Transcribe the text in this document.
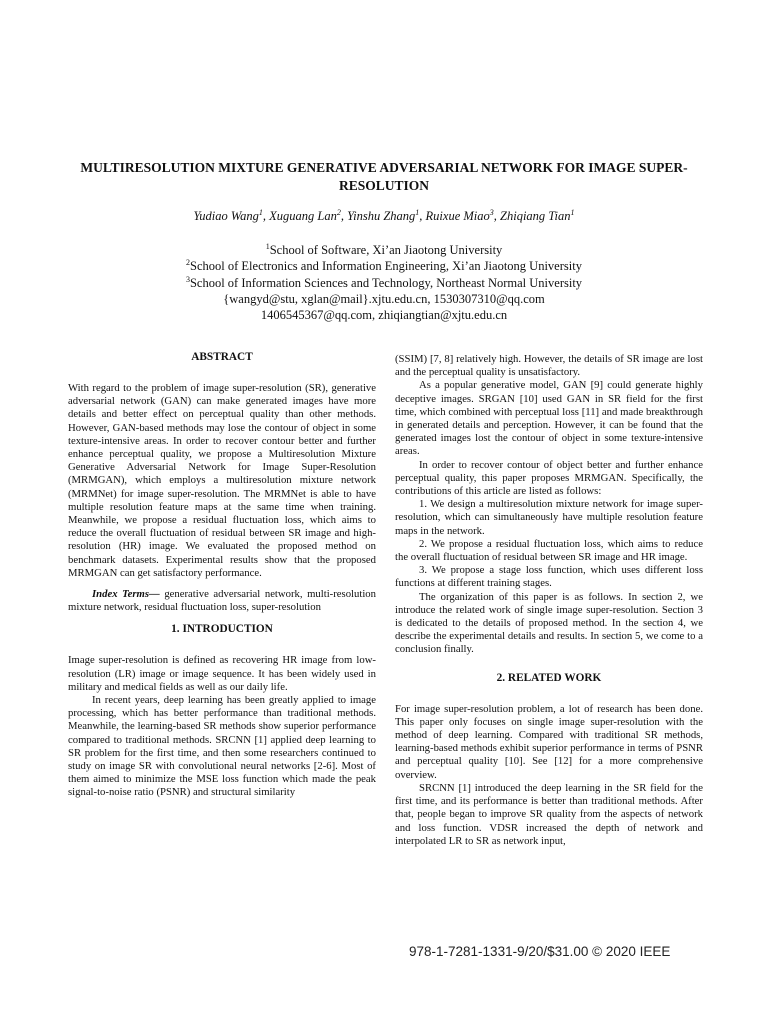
MULTIRESOLUTION MIXTURE GENERATIVE ADVERSARIAL NETWORK FOR IMAGE SUPER-RESOLUTION
Yudiao Wang$^1$, Xuguang Lan$^2$, Yinshu Zhang$^1$, Ruixue Miao$^3$, Zhiqiang Tian$^1$
$^1$School of Software, Xi’an Jiaotong University
$^2$School of Electronics and Information Engineering, Xi’an Jiaotong University
$^3$School of Information Sciences and Technology, Northeast Normal University
{wangyd@stu, xglan@mail}.xjtu.edu.cn, 1530307310@qq.com
1406545367@qq.com, zhiqiangtian@xjtu.edu.cn
ABSTRACT

With regard to the problem of image super-resolution (SR), generative adversarial network (GAN) can make generated images have more details and better effect on perceptual quality than other methods. However, GAN-based methods may lose the contour of object in some texture-intensive areas. In order to recover contour better and further enhance perceptual quality, we propose a Multiresolution Mixture Generative Adversarial Network for Image Super-Resolution (MRMGAN), which employs a multiresolution mixture network (MRMNet) for image super-resolution. The MRMNet is able to have multiple resolution feature maps at the same time when training. Meanwhile, we propose a residual fluctuation loss, which aims to reduce the overall fluctuation of residual between SR image and high-resolution (HR) image. We evaluated the proposed method on benchmark datasets. Experimental results show that the proposed MRMGAN can get satisfactory performance.

Index Terms— generative adversarial network, multi-resolution mixture network, residual fluctuation loss, super-resolution

1. INTRODUCTION

Image super-resolution is defined as recovering HR image from low-resolution (LR) image or image sequence. It has been widely used in military and medical fields as well as our daily life.

In recent years, deep learning has been greatly applied to image processing, which has better performance than traditional methods. Meanwhile, the learning-based SR methods show superior performance compared to traditional methods. SRCNN [1] applied deep learning to SR problem for the first time, and then some researchers continued to study on image SR with convolutional neural networks [2-6]. Most of them aimed to minimize the MSE loss function which made the peak signal-to-noise ratio (PSNR) and structural similarity

(SSIM) [7, 8] relatively high. However, the details of SR image are lost and the perceptual quality is unsatisfactory.

As a popular generative model, GAN [9] could generate highly deceptive images. SRGAN [10] used GAN in SR field for the first time, which combined with perceptual loss [11] and made breakthrough in generated details and perception. However, it can be found that the generated images lost the contour of object in some texture-intensive areas.

In order to recover contour of object better and further enhance perceptual quality, this paper proposes MRMGAN. Specifically, the contributions of this article are listed as follows:

1. We design a multiresolution mixture network for image super-resolution, which can simultaneously have multiple resolution feature maps in the network.

2. We propose a residual fluctuation loss, which aims to reduce the overall fluctuation of residual between SR image and HR image.

3. We propose a stage loss function, which uses different loss functions at different training stages.

The organization of this paper is as follows. In section 2, we introduce the related work of single image super-resolution. Section 3 is dedicated to the details of proposed method. In the section 4, we describe the experimental details and results. In section 5, we come to a conclusion finally.

2. RELATED WORK

For image super-resolution problem, a lot of research has been done. This paper only focuses on single image super-resolution with the method of deep learning. Compared with traditional SR methods, learning-based methods exhibit superior performance in terms of PSNR and perceptual quality [10]. See [12] for a more comprehensive overview.

SRCNN [1] introduced the deep learning in the SR field for the first time, and its performance is better than traditional methods. After that, people began to improve SR quality from the aspects of network and loss function. VDSR increased the depth of network and interpolated LR to SR as network input,

978-1-7281-1331-9/20/$31.00 © 2020 IEEE
